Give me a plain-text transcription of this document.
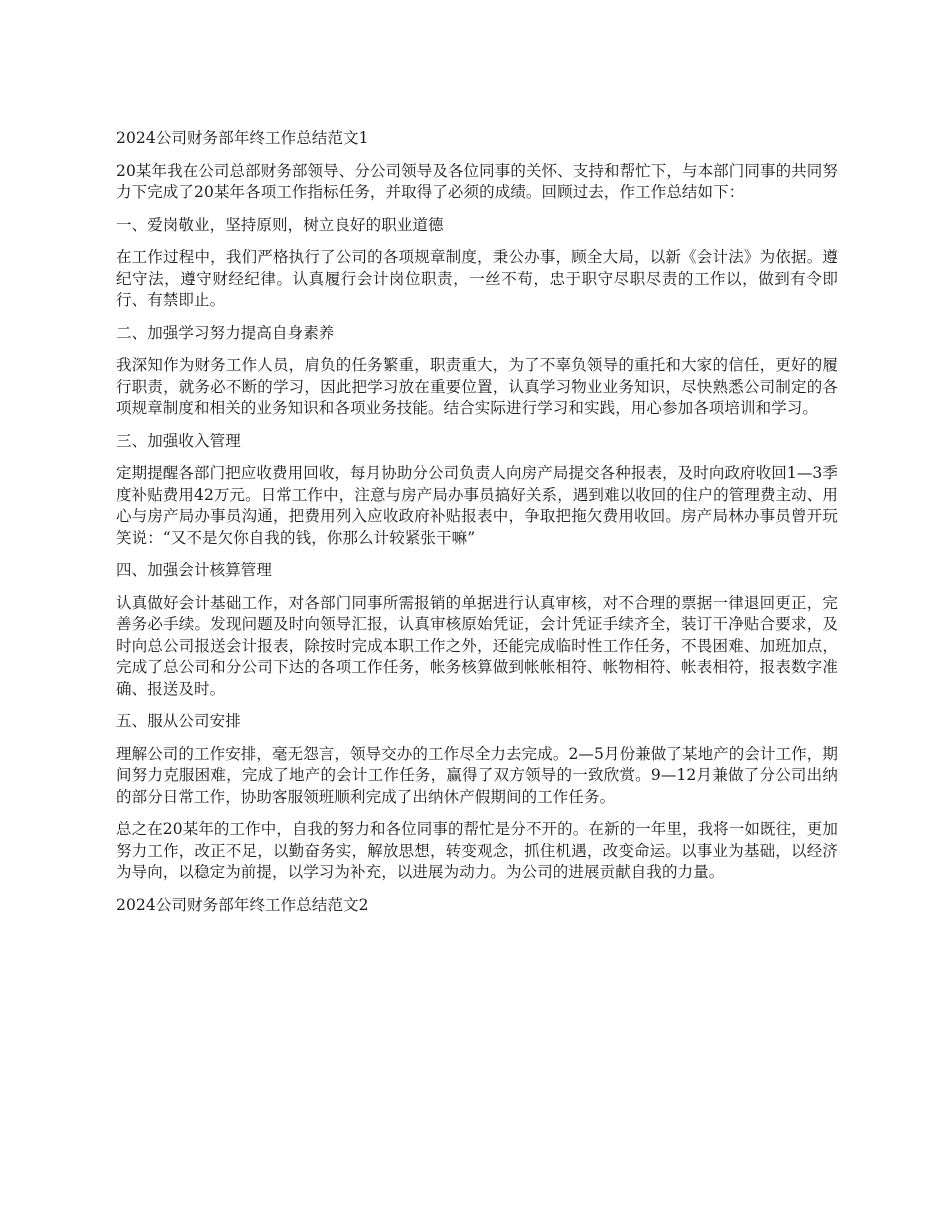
2024公司财务部年终工作总结范文1

20某年我在公司总部财务部领导、分公司领导及各位同事的关怀、支持和帮忙下，与本部门同事的共同努力下完成了20某年各项工作指标任务，并取得了必须的成绩。回顾过去，作工作总结如下：

一、爱岗敬业，坚持原则，树立良好的职业道德

在工作过程中，我们严格执行了公司的各项规章制度，秉公办事，顾全大局，以新《会计法》为依据。遵纪守法，遵守财经纪律。认真履行会计岗位职责，一丝不苟，忠于职守尽职尽责的工作以，做到有令即行、有禁即止。

二、加强学习努力提高自身素养

我深知作为财务工作人员，肩负的任务繁重，职责重大，为了不辜负领导的重托和大家的信任，更好的履行职责，就务必不断的学习，因此把学习放在重要位置，认真学习物业业务知识，尽快熟悉公司制定的各项规章制度和相关的业务知识和各项业务技能。结合实际进行学习和实践，用心参加各项培训和学习。

三、加强收入管理

定期提醒各部门把应收费用回收，每月协助分公司负责人向房产局提交各种报表，及时向政府收回1—3季度补贴费用42万元。日常工作中，注意与房产局办事员搞好关系，遇到难以收回的住户的管理费主动、用心与房产局办事员沟通，把费用列入应收政府补贴报表中，争取把拖欠费用收回。房产局林办事员曾开玩笑说：“又不是欠你自我的钱，你那么计较紧张干嘛”

四、加强会计核算管理

认真做好会计基础工作，对各部门同事所需报销的单据进行认真审核，对不合理的票据一律退回更正，完善务必手续。发现问题及时向领导汇报，认真审核原始凭证，会计凭证手续齐全，装订干净贴合要求，及时向总公司报送会计报表，除按时完成本职工作之外，还能完成临时性工作任务，不畏困难、加班加点，完成了总公司和分公司下达的各项工作任务，帐务核算做到帐帐相符、帐物相符、帐表相符，报表数字准确、报送及时。

五、服从公司安排

理解公司的工作安排，毫无怨言，领导交办的工作尽全力去完成。2—5月份兼做了某地产的会计工作，期间努力克服困难，完成了地产的会计工作任务，赢得了双方领导的一致欣赏。9—12月兼做了分公司出纳的部分日常工作，协助客服领班顺利完成了出纳休产假期间的工作任务。

总之在20某年的工作中，自我的努力和各位同事的帮忙是分不开的。在新的一年里，我将一如既往，更加努力工作，改正不足，以勤奋务实，解放思想，转变观念，抓住机遇，改变命运。以事业为基础，以经济为导向，以稳定为前提，以学习为补充，以进展为动力。为公司的进展贡献自我的力量。

2024公司财务部年终工作总结范文2
